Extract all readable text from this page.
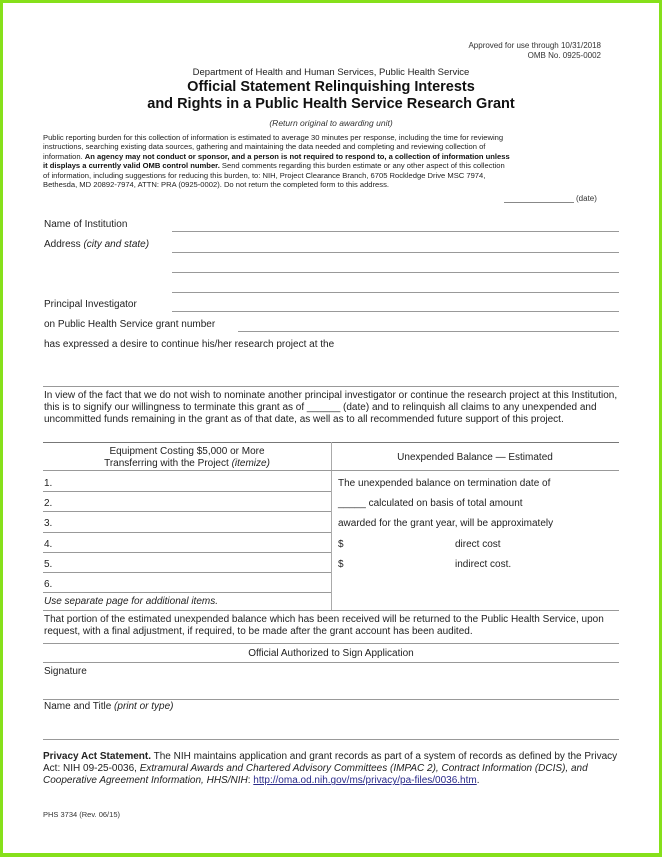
Approved for use through 10/31/2018
OMB No. 0925-0002
Department of Health and Human Services, Public Health Service
Official Statement Relinquishing Interests
and Rights in a Public Health Service Research Grant
(Return original to awarding unit)
Public reporting burden for this collection of information is estimated to average 30 minutes per response, including the time for reviewing instructions, searching existing data sources, gathering and maintaining the data needed and completing and reviewing collection of information. An agency may not conduct or sponsor, and a person is not required to respond to, a collection of information unless it displays a currently valid OMB control number. Send comments regarding this burden estimate or any other aspect of this collection of information, including suggestions for reducing this burden, to: NIH, Project Clearance Branch, 6705 Rockledge Drive MSC 7974, Bethesda, MD 20892-7974, ATTN: PRA (0925-0002). Do not return the completed form to this address.
(date)
Name of Institution
Address (city and state)
Principal Investigator
on Public Health Service grant number
has expressed a desire to continue his/her research project at the
In view of the fact that we do not wish to nominate another principal investigator or continue the research project at this Institution, this is to signify our willingness to terminate this grant as of ______ (date) and to relinquish all claims to any unexpended and uncommitted funds remaining in the grant as of that date, as well as to all recommended future support of this project.
Equipment Costing $5,000 or More
Transferring with the Project (itemize)
Unexpended Balance — Estimated
1.
2.
3.
4.
5.
6.
Use separate page for additional items.
The unexpended balance on termination date of
_____ calculated on basis of total amount
awarded for the grant year, will be approximately
$	direct cost
$	indirect cost.
That portion of the estimated unexpended balance which has been received will be returned to the Public Health Service, upon request, with a final adjustment, if required, to be made after the grant account has been audited.
Official Authorized to Sign Application
Signature
Name and Title (print or type)
Privacy Act Statement. The NIH maintains application and grant records as part of a system of records as defined by the Privacy Act: NIH 09-25-0036, Extramural Awards and Chartered Advisory Committees (IMPAC 2), Contract Information (DCIS), and Cooperative Agreement Information, HHS/NIH: http://oma.od.nih.gov/ms/privacy/pa-files/0036.htm.
PHS 3734 (Rev. 06/15)
